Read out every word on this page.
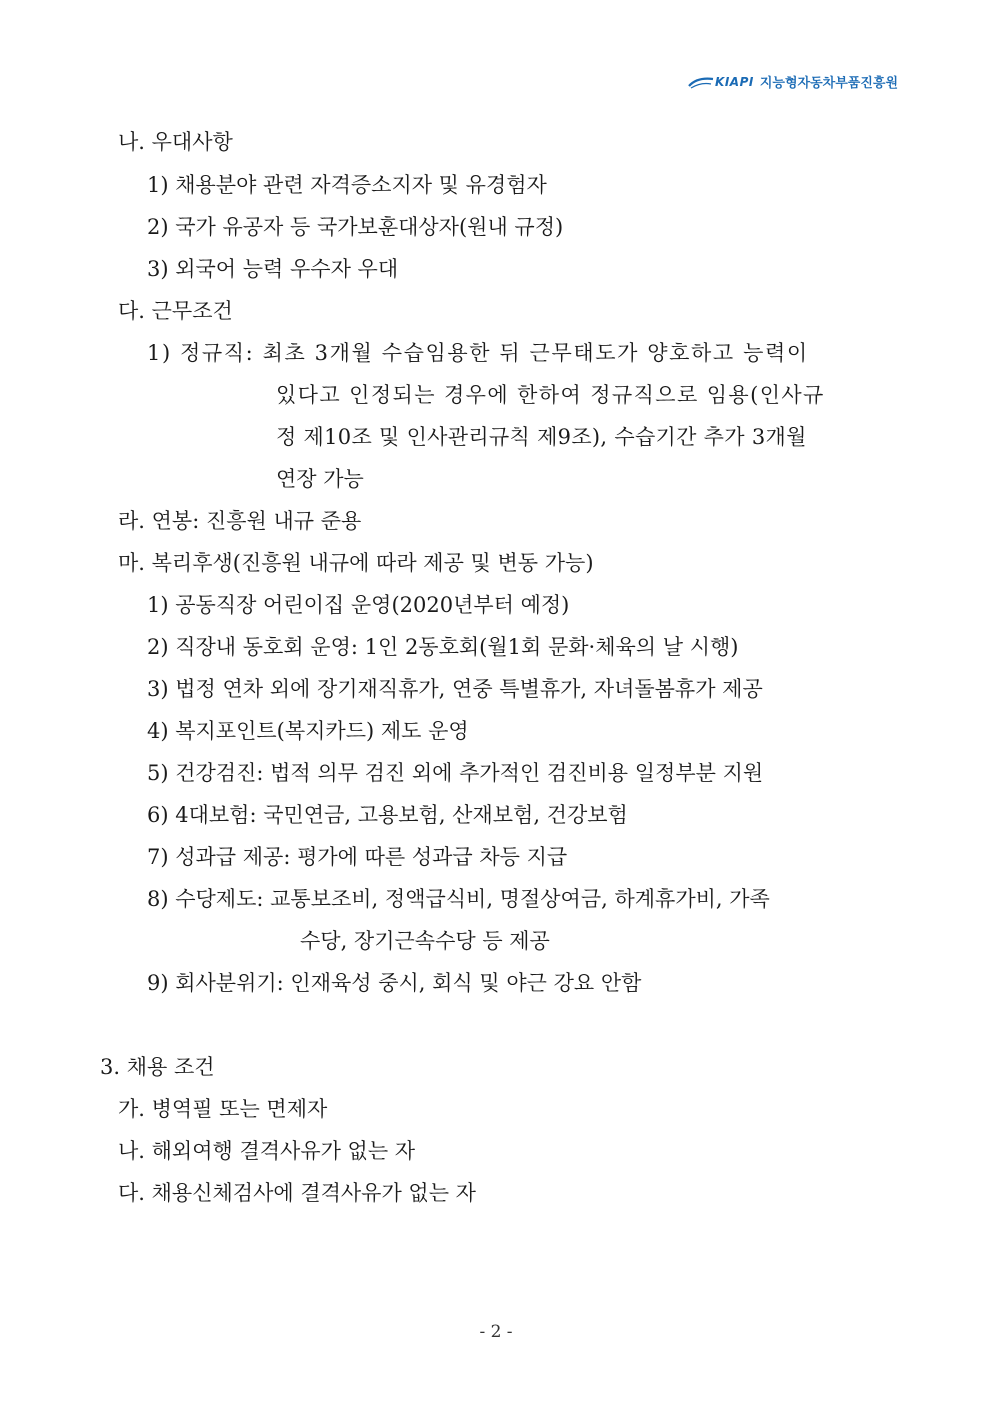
KIAPI 지능형자동차부품진흥원
나. 우대사항
1) 채용분야 관련 자격증소지자 및 유경험자
2) 국가 유공자 등 국가보훈대상자(원내 규정)
3) 외국어 능력 우수자 우대
다. 근무조건
1) 정규직: 최초 3개월 수습임용한 뒤 근무태도가 양호하고 능력이
있다고 인정되는 경우에 한하여 정규직으로 임용(인사규
정 제10조 및 인사관리규칙 제9조), 수습기간 추가 3개월
연장 가능
라. 연봉: 진흥원 내규 준용
마. 복리후생(진흥원 내규에 따라 제공 및 변동 가능)
1) 공동직장 어린이집 운영(2020년부터 예정)
2) 직장내 동호회 운영: 1인 2동호회(월1회 문화·체육의 날 시행)
3) 법정 연차 외에 장기재직휴가, 연중 특별휴가, 자녀돌봄휴가 제공
4) 복지포인트(복지카드) 제도 운영
5) 건강검진: 법적 의무 검진 외에 추가적인 검진비용 일정부분 지원
6) 4대보험: 국민연금, 고용보험, 산재보험, 건강보험
7) 성과급 제공: 평가에 따른 성과급 차등 지급
8) 수당제도: 교통보조비, 정액급식비, 명절상여금, 하계휴가비, 가족
수당, 장기근속수당 등 제공
9) 회사분위기: 인재육성 중시, 회식 및 야근 강요 안함
3. 채용 조건
가. 병역필 또는 면제자
나. 해외여행 결격사유가 없는 자
다. 채용신체검사에 결격사유가 없는 자
- 2 -
